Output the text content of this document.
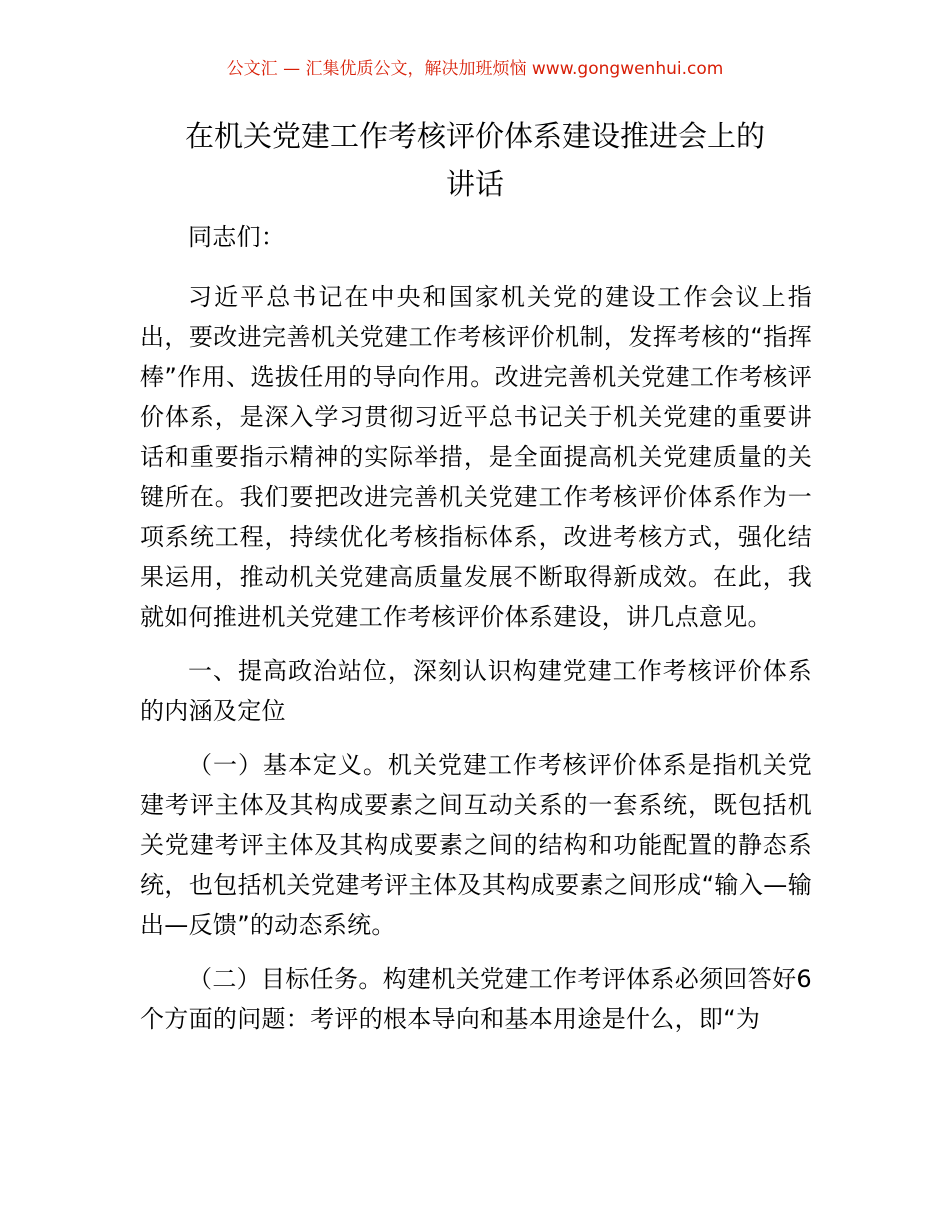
公文汇 — 汇集优质公文，解决加班烦恼 www.gongwenhui.com
在机关党建工作考核评价体系建设推进会上的
讲话

同志们：

习近平总书记在中央和国家机关党的建设工作会议上指出，要改进完善机关党建工作考核评价机制，发挥考核的“指挥棒”作用、选拔任用的导向作用。改进完善机关党建工作考核评价体系，是深入学习贯彻习近平总书记关于机关党建的重要讲话和重要指示精神的实际举措，是全面提高机关党建质量的关键所在。我们要把改进完善机关党建工作考核评价体系作为一项系统工程，持续优化考核指标体系，改进考核方式，强化结果运用，推动机关党建高质量发展不断取得新成效。在此，我就如何推进机关党建工作考核评价体系建设，讲几点意见。

一、提高政治站位，深刻认识构建党建工作考核评价体系的内涵及定位

（一）基本定义。机关党建工作考核评价体系是指机关党建考评主体及其构成要素之间互动关系的一套系统，既包括机关党建考评主体及其构成要素之间的结构和功能配置的静态系统，也包括机关党建考评主体及其构成要素之间形成“输入—输出—反馈”的动态系统。

（二）目标任务。构建机关党建工作考评体系必须回答好6个方面的问题：考评的根本导向和基本用途是什么，即“为
